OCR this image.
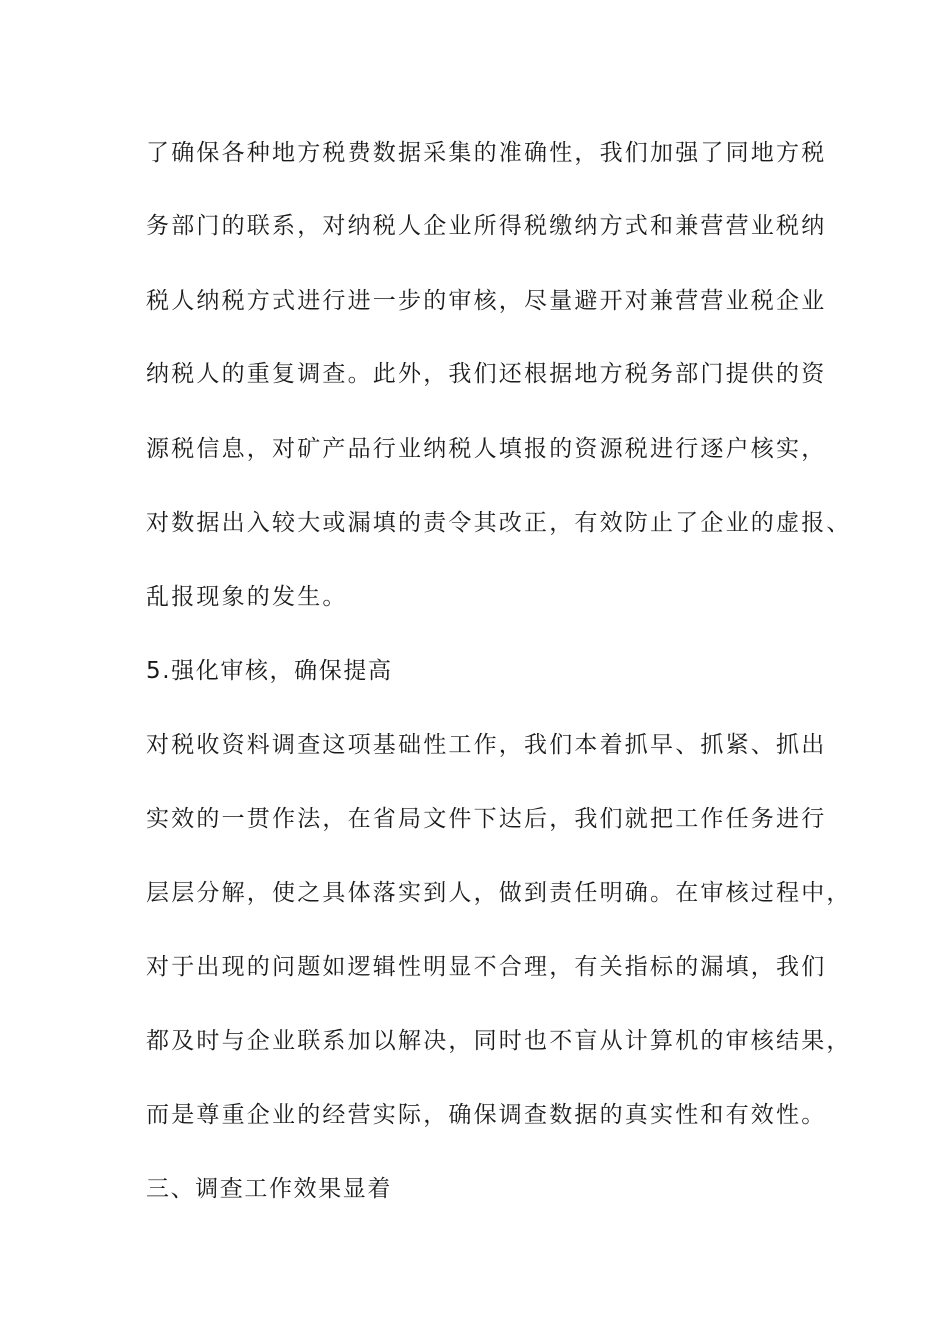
了确保各种地方税费数据采集的准确性，我们加强了同地方税
务部门的联系，对纳税人企业所得税缴纳方式和兼营营业税纳
税人纳税方式进行进一步的审核，尽量避开对兼营营业税企业
纳税人的重复调查。此外，我们还根据地方税务部门提供的资
源税信息，对矿产品行业纳税人填报的资源税进行逐户核实，
对数据出入较大或漏填的责令其改正，有效防止了企业的虚报、
乱报现象的发生。
5.强化审核，确保提高
对税收资料调查这项基础性工作，我们本着抓早、抓紧、抓出
实效的一贯作法，在省局文件下达后，我们就把工作任务进行
层层分解，使之具体落实到人，做到责任明确。在审核过程中，
对于出现的问题如逻辑性明显不合理，有关指标的漏填，我们
都及时与企业联系加以解决，同时也不盲从计算机的审核结果，
而是尊重企业的经营实际，确保调查数据的真实性和有效性。
三、调查工作效果显着
